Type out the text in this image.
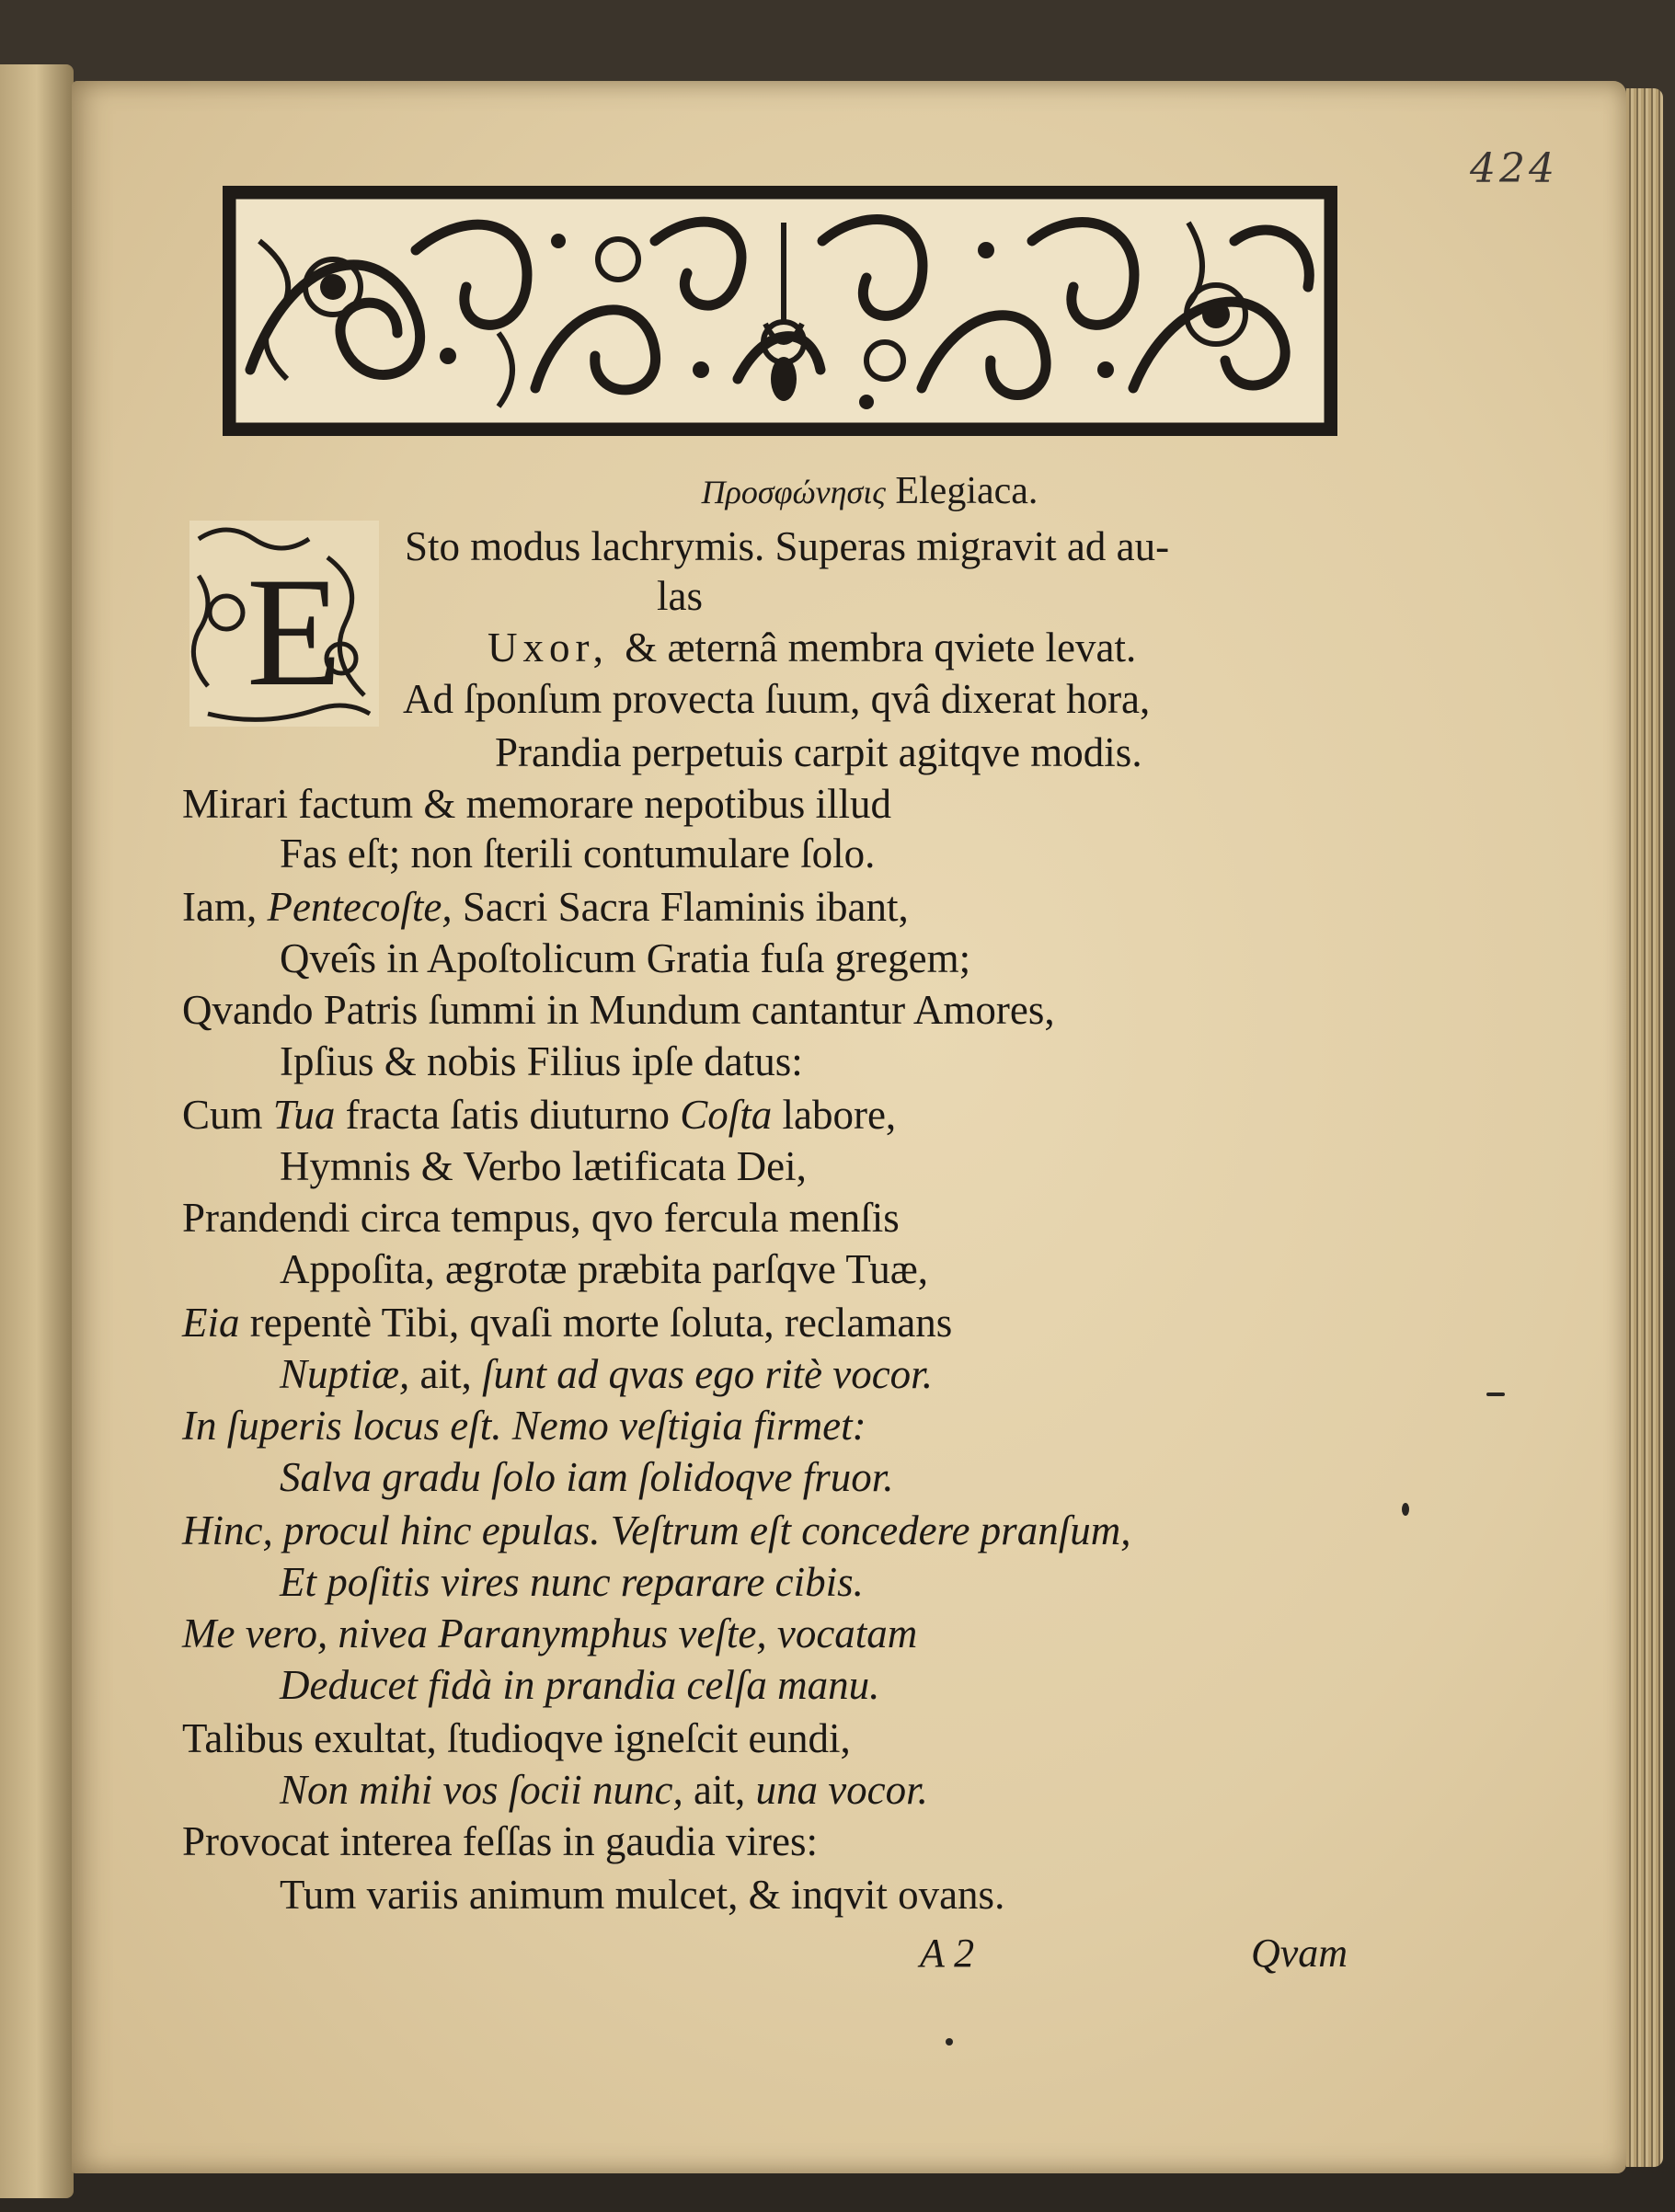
424
Προσφώνησις Elegiaca.
E Sto modus lachrymis. Superas migravit ad au-
las
Uxor, & æternâ membra qviete levat.
Ad ſponſum provecta ſuum, qvâ dixerat hora,
Prandia perpetuis carpit agitqve modis.
Mirari factum & memorare nepotibus illud
Fas eſt; non ſterili contumulare ſolo.
Iam, Pentecoſte, Sacri Sacra Flaminis ibant,
Qveîs in Apoſtolicum Gratia fuſa gregem;
Qvando Patris ſummi in Mundum cantantur Amores,
Ipſius & nobis Filius ipſe datus:
Cum Tua fracta ſatis diuturno Coſta labore,
Hymnis & Verbo lætificata Dei,
Prandendi circa tempus, qvo fercula menſis
Appoſita, ægrotæ præbita parſqve Tuæ,
Eia repentè Tibi, qvaſi morte ſoluta, reclamans
Nuptiæ, ait, ſunt ad qvas ego ritè vocor.
In ſuperis locus eſt. Nemo veſtigia firmet:
Salva gradu ſolo iam ſolidoqve fruor.
Hinc, procul hinc epulas. Veſtrum eſt concedere pranſum,
Et poſitis vires nunc reparare cibis.
Me vero, nivea Paranymphus veſte, vocatam
Deducet fidà in prandia celſa manu.
Talibus exultat, ſtudioqve igneſcit eundi,
Non mihi vos ſocii nunc, ait, una vocor.
Provocat interea feſſas in gaudia vires:
Tum variis animum mulcet, & inqvit ovans.
A 2	Qvam
